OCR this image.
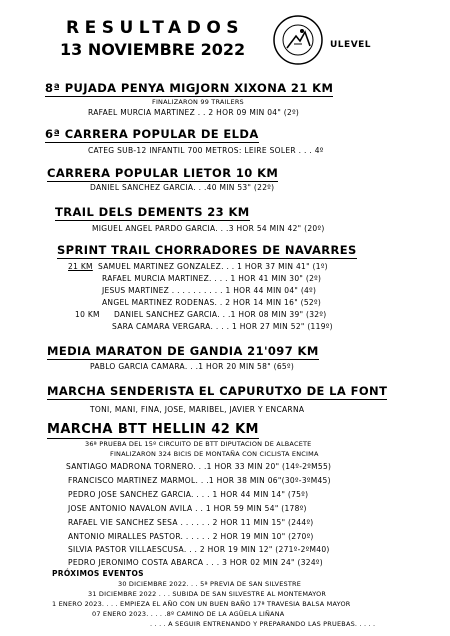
RESULTADOS
13 NOVIEMBRE 2022	ULEVEL
8ª PUJADA PENYA MIGJORN XIXONA 21 KM
FINALIZARON 99 TRAILERS
RAFAEL MURCIA MARTINEZ . . 2 HOR 09 MIN 04" (2º)
6ª CARRERA POPULAR DE ELDA
CATEG SUB-12 INFANTIL 700 METROS: LEIRE SOLER . . . 4º
CARRERA POPULAR LIETOR 10 KM
DANIEL SANCHEZ GARCIA. . .40 MIN 53" (22º)
TRAIL DELS DEMENTS 23 KM
MIGUEL ANGEL PARDO GARCIA. . .3 HOR 54 MIN 42" (20º)
SPRINT TRAIL CHORRADORES DE NAVARRES
21 KM SAMUEL MARTINEZ GONZALEZ. . . 1 HOR 37 MIN 41" (1º)
RAFAEL MURCIA MARTINEZ. . . . 1 HOR 41 MIN 30" (2º)
JESUS MARTINEZ . . . . . . . . . . 1 HOR 44 MIN 04" (4º)
ANGEL MARTINEZ RODENAS. . 2 HOR 14 MIN 16" (52º)
10 KM DANIEL SANCHEZ GARCIA. . .1 HOR 08 MIN 39" (32º)
SARA CAMARA VERGARA. . . . 1 HOR 27 MIN 52" (119º)
MEDIA MARATON DE GANDIA 21'097 KM
PABLO GARCIA CAMARA. . .1 HOR 20 MIN 58" (65º)
MARCHA SENDERISTA EL CAPURUTXO DE LA FONT
TONI, MANI, FINA, JOSE, MARIBEL, JAVIER Y ENCARNA
MARCHA BTT HELLIN 42 KM
36ª PRUEBA DEL 15º CIRCUITO DE BTT DIPUTACION DE ALBACETE
FINALIZARON 324 BICIS DE MONTAÑA CON CICLISTA ENCIMA
SANTIAGO MADRONA TORNERO. . .1 HOR 33 MIN 20" (14º-2ºM55)
FRANCISCO MARTINEZ MARMOL. . .1 HOR 38 MIN 06"(30º-3ºM45)
PEDRO JOSE SANCHEZ GARCIA. . . . 1 HOR 44 MIN 14" (75º)
JOSE ANTONIO NAVALON AVILA . . 1 HOR 59 MIN 54" (178º)
RAFAEL VIE SANCHEZ SESA . . . . . . 2 HOR 11 MIN 15" (244º)
ANTONIO MIRALLES PASTOR. . . . . . 2 HOR 19 MIN 10" (270º)
SILVIA PASTOR VILLAESCUSA. . . 2 HOR 19 MIN 12" (271º-2ºM40)
PEDRO JERONIMO COSTA ABARCA . . . 3 HOR 02 MIN 24" (324º)
PRÓXIMOS EVENTOS
30 DICIEMBRE 2022. . . 5ª PREVIA DE SAN SILVESTRE
31 DICIEMBRE 2022 . . . SUBIDA DE SAN SILVESTRE AL MONTEMAYOR
1 ENERO 2023. . . . EMPIEZA EL AÑO CON UN BUEN BAÑO 17ª TRAVESIA BALSA MAYOR
07 ENERO 2023. . . . .8º CAMINO DE LA AGÜELA LIÑANA
. . . . A SEGUIR ENTRENANDO Y PREPARANDO LAS PRUEBAS. . . . .
